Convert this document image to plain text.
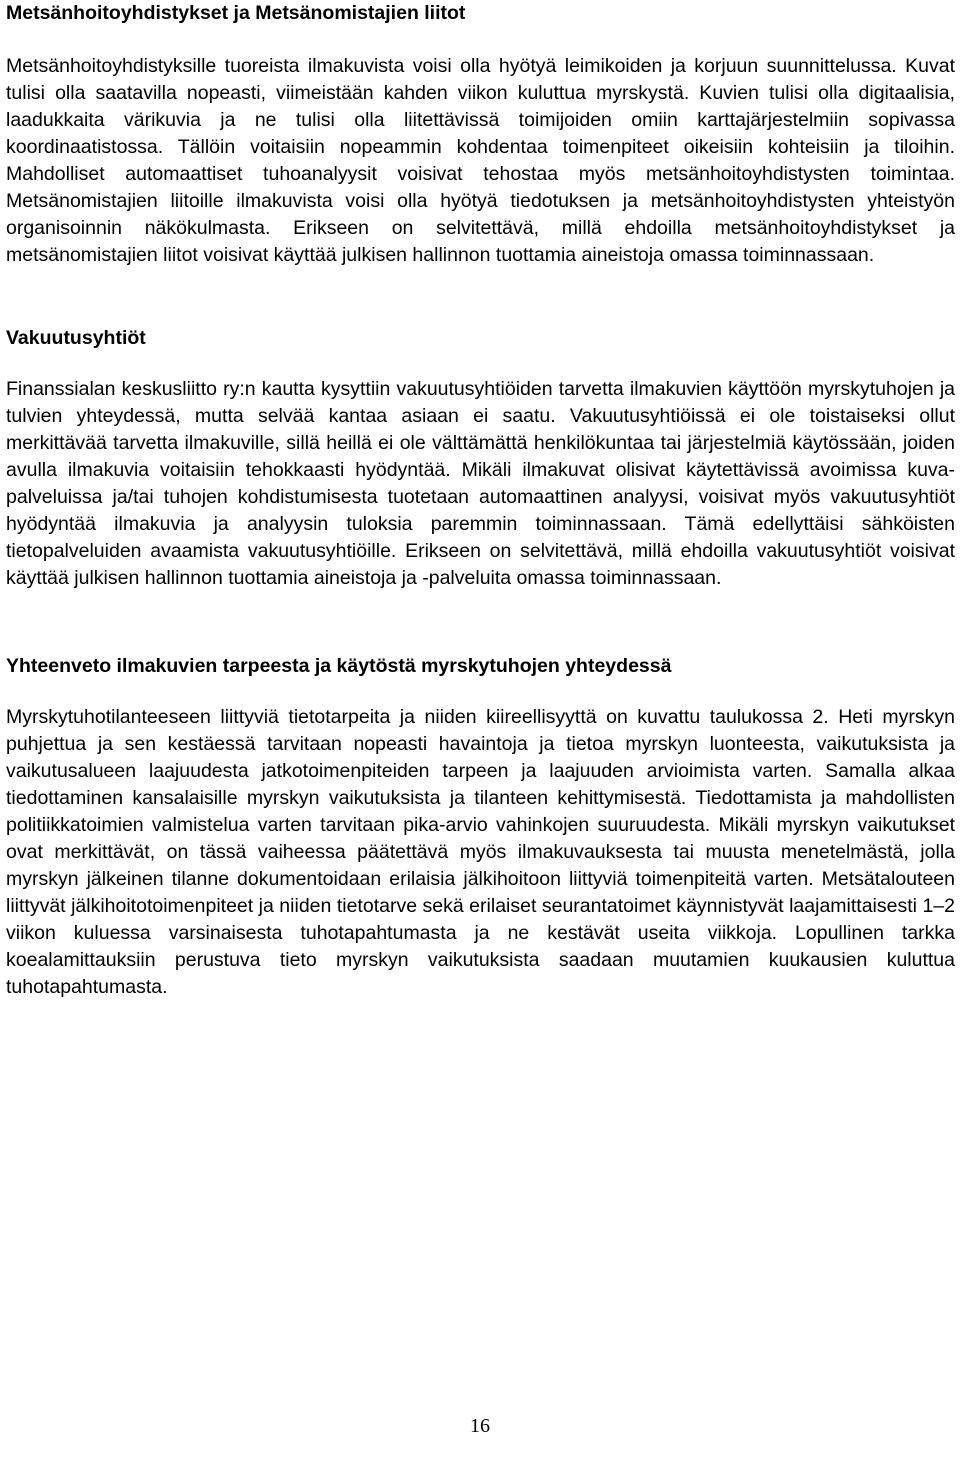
Metsänhoitoyhdistykset ja Metsänomistajien liitot

Metsänhoitoyhdistyksille tuoreista ilmakuvista voisi olla hyötyä leimikoiden ja korjuun suunnittelussa. Kuvat tulisi olla saatavilla nopeasti, viimeistään kahden viikon kuluttua myrskystä. Kuvien tulisi olla digitaalisia, laadukkaita värikuvia ja ne tulisi olla liitettävissä toimijoiden omiin karttajärjestelmiin sopivassa koordinaatistossa. Tällöin voitaisiin nopeammin kohdentaa toimenpiteet oikeisiin kohteisiin ja tiloihin. Mahdolliset automaattiset tuhoanalyysit voisivat tehostaa myös metsänhoitoyhdistysten toimintaa. Metsänomistajien liitoille ilmakuvista voisi olla hyötyä tiedotuksen ja metsänhoitoyhdistysten yhteistyön organisoinnin näkökulmasta. Erikseen on selvitettävä, millä ehdoilla metsänhoitoyhdistykset ja metsänomistajien liitot voisivat käyttää julkisen hallinnon tuottamia aineistoja omassa toiminnassaan.

Vakuutusyhtiöt

Finanssialan keskusliitto ry:n kautta kysyttiin vakuutusyhtiöiden tarvetta ilmakuvien käyttöön myrskytuhojen ja tulvien yhteydessä, mutta selvää kantaa asiaan ei saatu. Vakuutusyhtiöissä ei ole toistaiseksi ollut merkittävää tarvetta ilmakuville, sillä heillä ei ole välttämättä henkilökuntaa tai järjestelmiä käytössään, joiden avulla ilmakuvia voitaisiin tehokkaasti hyödyntää. Mikäli ilmakuvat olisivat käytettävissä avoimissa kuva-palveluissa ja/tai tuhojen kohdistumisesta tuotetaan automaattinen analyysi, voisivat myös vakuutusyhtiöt hyödyntää ilmakuvia ja analyysin tuloksia paremmin toiminnassaan. Tämä edellyttäisi sähköisten tietopalveluiden avaamista vakuutusyhtiöille. Erikseen on selvitettävä, millä ehdoilla vakuutusyhtiöt voisivat käyttää julkisen hallinnon tuottamia aineistoja ja -palveluita omassa toiminnassaan.

Yhteenveto ilmakuvien tarpeesta ja käytöstä myrskytuhojen yhteydessä

Myrskytuhotilanteeseen liittyviä tietotarpeita ja niiden kiireellisyyttä on kuvattu taulukossa 2. Heti myrskyn puhjettua ja sen kestäessä tarvitaan nopeasti havaintoja ja tietoa myrskyn luonteesta, vaikutuksista ja vaikutusalueen laajuudesta jatkotoimenpiteiden tarpeen ja laajuuden arvioimista varten. Samalla alkaa tiedottaminen kansalaisille myrskyn vaikutuksista ja tilanteen kehittymisestä. Tiedottamista ja mahdollisten politiikkatoimien valmistelua varten tarvitaan pika-arvio vahinkojen suuruudesta. Mikäli myrskyn vaikutukset ovat merkittävät, on tässä vaiheessa päätettävä myös ilmakuvauksesta tai muusta menetelmästä, jolla myrskyn jälkeinen tilanne dokumentoidaan erilaisia jälkihoitoon liittyviä toimenpiteitä varten. Metsätalouteen liittyvät jälkihoitotoimenpiteet ja niiden tietotarve sekä erilaiset seurantatoimet käynnistyvät laajamittaisesti 1‒2 viikon kuluessa varsinaisesta tuhotapahtumasta ja ne kestävät useita viikkoja. Lopullinen tarkka koealamittauksiin perustuva tieto myrskyn vaikutuksista saadaan muutamien kuukausien kuluttua tuhotapahtumasta.

16
